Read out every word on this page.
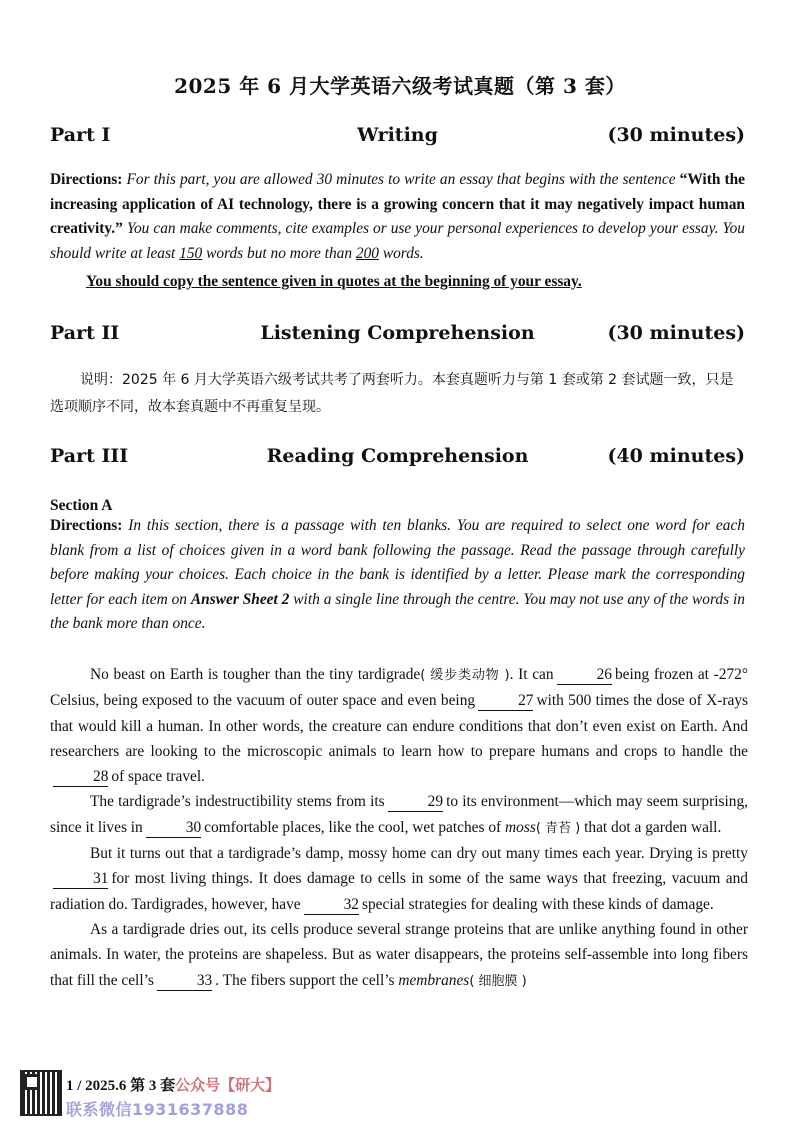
2025 年 6 月大学英语六级考试真题（第 3 套）
Writing
Part I	(30 minutes)
Directions: For this part, you are allowed 30 minutes to write an essay that begins with the sentence “With the increasing application of AI technology, there is a growing concern that it may negatively impact human creativity.” You can make comments, cite examples or use your personal experiences to develop your essay. You should write at least 150 words but no more than 200 words.
You should copy the sentence given in quotes at the beginning of your essay.
Listening Comprehension
Part II	(30 minutes)
说明：2025 年 6 月大学英语六级考试共考了两套听力。本套真题听力与第 1 套或第 2 套试题一致，只是选项顺序不同，故本套真题中不再重复呈现。
Reading Comprehension
Part III	(40 minutes)
Section A
Directions: In this section, there is a passage with ten blanks. You are required to select one word for each blank from a list of choices given in a word bank following the passage. Read the passage through carefully before making your choices. Each choice in the bank is identified by a letter. Please mark the corresponding letter for each item on Answer Sheet 2 with a single line through the centre. You may not use any of the words in the bank more than once.

No beast on Earth is tougher than the tiny tardigrade( 缓步类动物 ). It can	26 being frozen at -272° Celsius, being exposed to the vacuum of outer space and even being	27 with 500 times the dose of X-rays that would kill a human. In other words, the creature can endure conditions that don’t even exist on Earth. And researchers are looking to the microscopic animals to learn how to prepare humans and crops to handle the28 of space travel.

The tardigrade’s indestructibility stems from its	29 to its environment—which may seem surprising, since it lives in	30 comfortable places, like the cool, wet patches of moss( 青苔 ) that dot a garden wall.

But it turns out that a tardigrade’s damp, mossy home can dry out many times each year. Drying is pretty31 for most living things. It does damage to cells in some of the same ways that freezing, vacuum and radiation do. Tardigrades, however, have	32 special strategies for dealing with these kinds of damage.

As a tardigrade dries out, its cells produce several strange proteins that are unlike anything found in other animals. In water, the proteins are shapeless. But as water disappears, the proteins self-assemble into long fibers that fill the cell’s	33 . The fibers support the cell’s membranes( 细胞膜 )

1 / 2025.6 第 3 套公众号【研大】
联系微信1931637888
